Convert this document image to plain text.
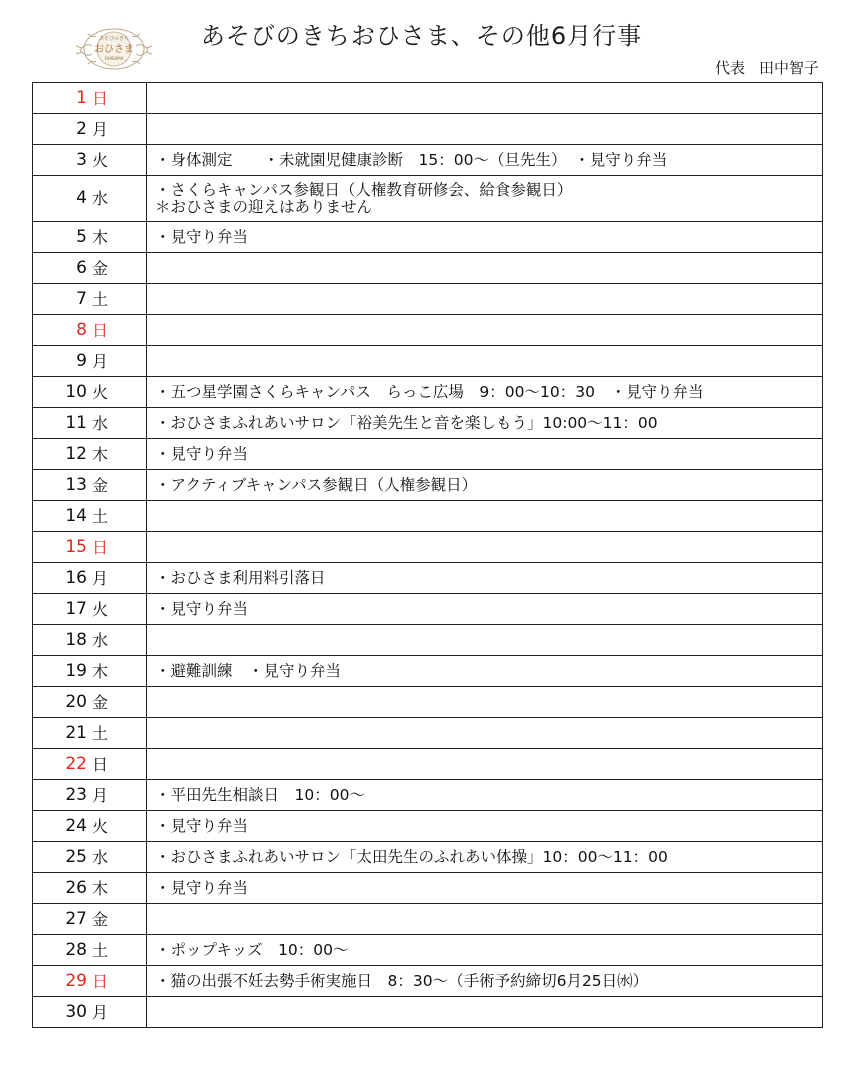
あそびのきち
おひさま
OHISAMA
あそびのきちおひさま、その他6月行事
代表 田中智子
1	日	
2	月	
3	火	・身体測定　　・未就園児健康診断　15：00～（旦先生）　・見守り弁当

4	水	・さくらキャンパス参観日（人権教育研修会、給食参観日）
＊おひさまの迎えはありません

5	木	・見守り弁当

6	金	
7	土	
8	日	
9	月	
10	火	・五つ星学園さくらキャンパス　らっこ広場　9：00～10：30　・見守り弁当

11	水	・おひさまふれあいサロン「裕美先生と音を楽しもう」10:00～11：00

12	木	・見守り弁当

13	金	・アクティブキャンパス参観日（人権参観日）

14	土	
15	日	
16	月	・おひさま利用料引落日

17	火	・見守り弁当

18	水	
19	木	・避難訓練　・見守り弁当

20	金	
21	土	
22	日	
23	月	・平田先生相談日　10：00～

24	火	・見守り弁当

25	水	・おひさまふれあいサロン「太田先生のふれあい体操」10：00～11：00

26	木	・見守り弁当

27	金	
28	土	・ポップキッズ　10：00～

29	日	・猫の出張不妊去勢手術実施日　8：30～（手術予約締切6月25日㈬）

30	月	
